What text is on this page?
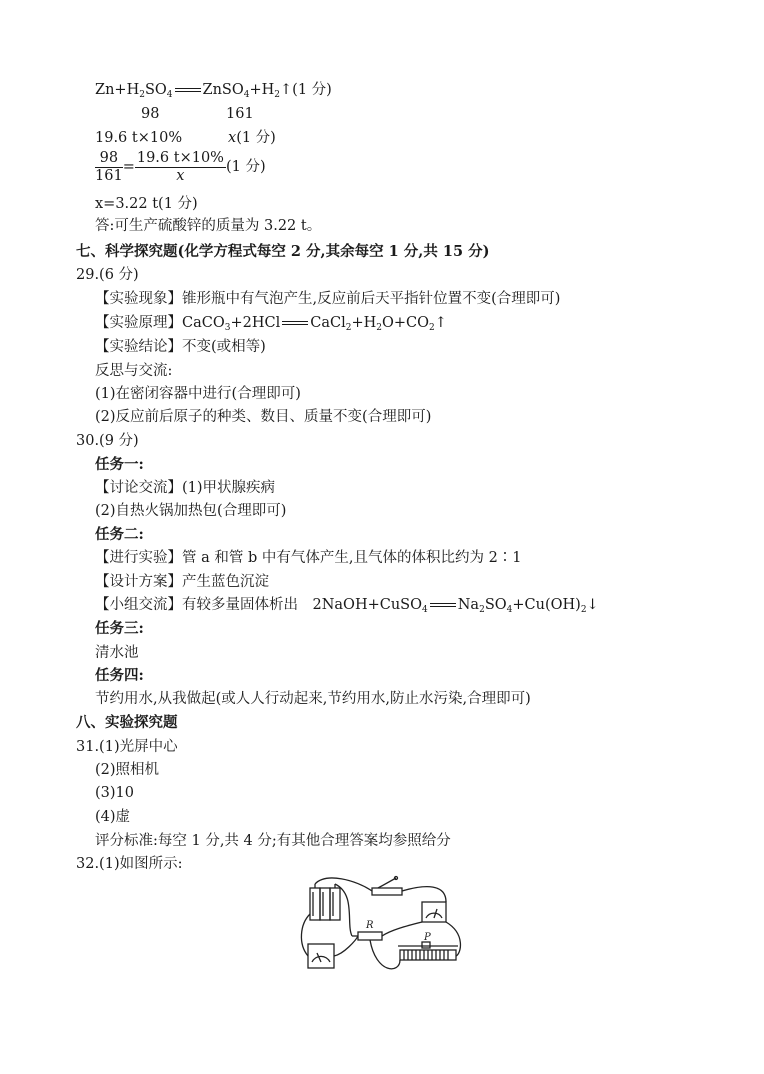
$Zn+H_2SO_4$ $ZnSO_4+H_2↑(1$ 分)
98	161
19.6 t×10%	x(1 分)
$\frac{98}{161} = \frac{19.6 t\times 10\%}{x} (1$ 分)
x=3.22 t(1 分)
答:可生产硫酸锌的质量为 3.22 t。
七、科学探究题(化学方程式每空 2 分,其余每空 1 分,共 15 分)
29.(6 分)
【实验现象】锥形瓶中有气泡产生,反应前后天平指针位置不变(合理即可)
【实验原理】CaCO$_3$+2HCl $CaCl_2+H_2O+CO_2↑$
【实验结论】不变(或相等)
反思与交流:
(1)在密闭容器中进行(合理即可)
(2)反应前后原子的种类、数目、质量不变(合理即可)
30.(9 分)
任务一:
【讨论交流】(1)甲状腺疾病
(2)自热火锅加热包(合理即可)
任务二:
【进行实验】管 a 和管 b 中有气体产生,且气体的体积比约为 2∶1
【设计方案】产生蓝色沉淀
【小组交流】有较多量固体析出　2NaOH+CuSO$_4$ $Na_2SO_4+Cu(OH)_2↓$
任务三:
清水池
任务四:
节约用水,从我做起(或人人行动起来,节约用水,防止水污染,合理即可)
八、实验探究题
31.(1)光屏中心
(2)照相机
(3)10
(4)虚
评分标准:每空 1 分,共 4 分;有其他合理答案均参照给分
32.(1)如图所示:
R
P
